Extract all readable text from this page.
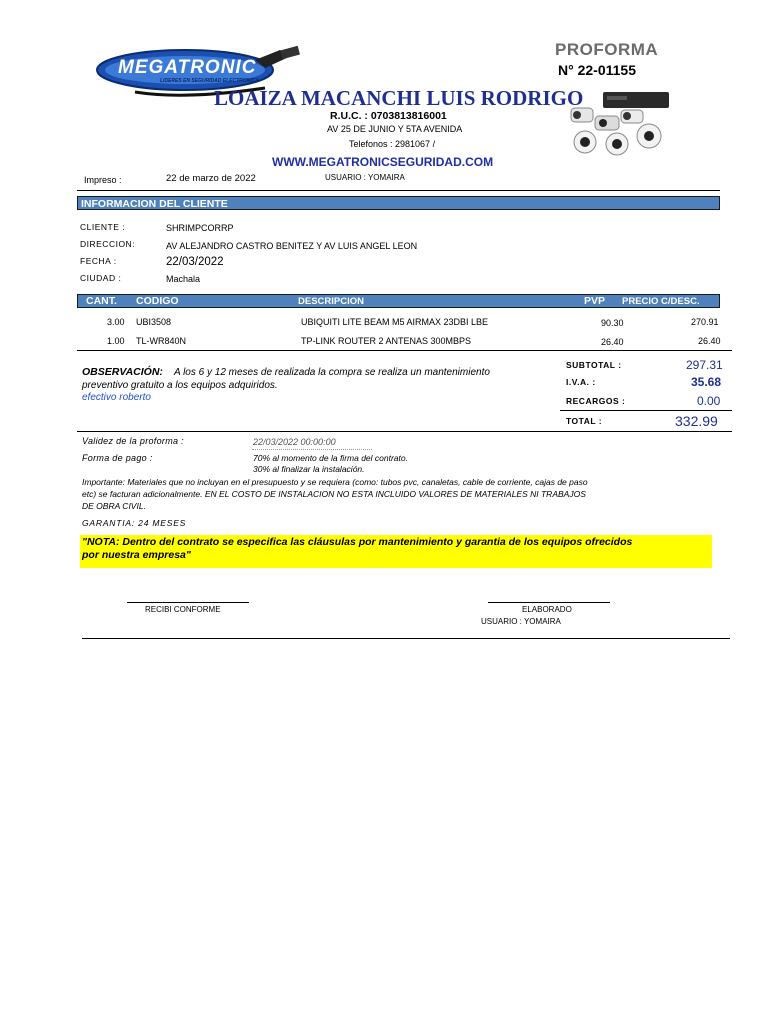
MEGATRONIC
LIDERES EN SEGURIDAD ELECTRONICA
PROFORMA
N° 22-01155
LOAIZA MACANCHI LUIS RODRIGO
R.U.C. : 0703813816001
AV 25 DE JUNIO Y 5TA AVENIDA
Telefonos : 2981067 /
WWW.MEGATRONICSEGURIDAD.COM
Impreso :	22 de marzo de 2022	USUARIO : YOMAIRA
INFORMACION DEL CLIENTE
CLIENTE :	SHRIMPCORRP
DIRECCION:	AV ALEJANDRO CASTRO BENITEZ Y AV LUIS ANGEL LEON
FECHA :	22/03/2022
CIUDAD :	Machala
CANT. CODIGO	DESCRIPCION	PVP PRECIO C/DESC.
3.00 UBI3508	UBIQUITI LITE BEAM M5 AIRMAX 23DBI LBE	90.30	270.91
1.00 TL-WR840N	TP-LINK ROUTER 2 ANTENAS 300MBPS	26.40	26.40
OBSERVACIÓN: A los 6 y 12 meses de realizada la compra se realiza un mantenimiento
preventivo gratuito a los equipos adquiridos.
efectivo roberto
SUBTOTAL :	297.31
I.V.A. :	35.68
RECARGOS :	0.00
TOTAL :	332.99
Validez de la proforma :	22/03/2022 00:00:00
Forma de pago :	70% al momento de la firma del contrato.
30% al finalizar la instalación.
Importante: Materiales que no incluyan en el presupuesto y se requiera (como: tubos pvc, canaletas, cable de corriente, cajas de paso
etc) se facturan adicionalmente. EN EL COSTO DE INSTALACION NO ESTA INCLUIDO VALORES DE MATERIALES NI TRABAJOS
DE OBRA CIVIL.
GARANTIA: 24 MESES
"NOTA: Dentro del contrato se especifica las cláusulas por mantenimiento y garantia de los equipos ofrecidos
por nuestra empresa"
RECIBI CONFORME	ELABORADO
USUARIO : YOMAIRA
